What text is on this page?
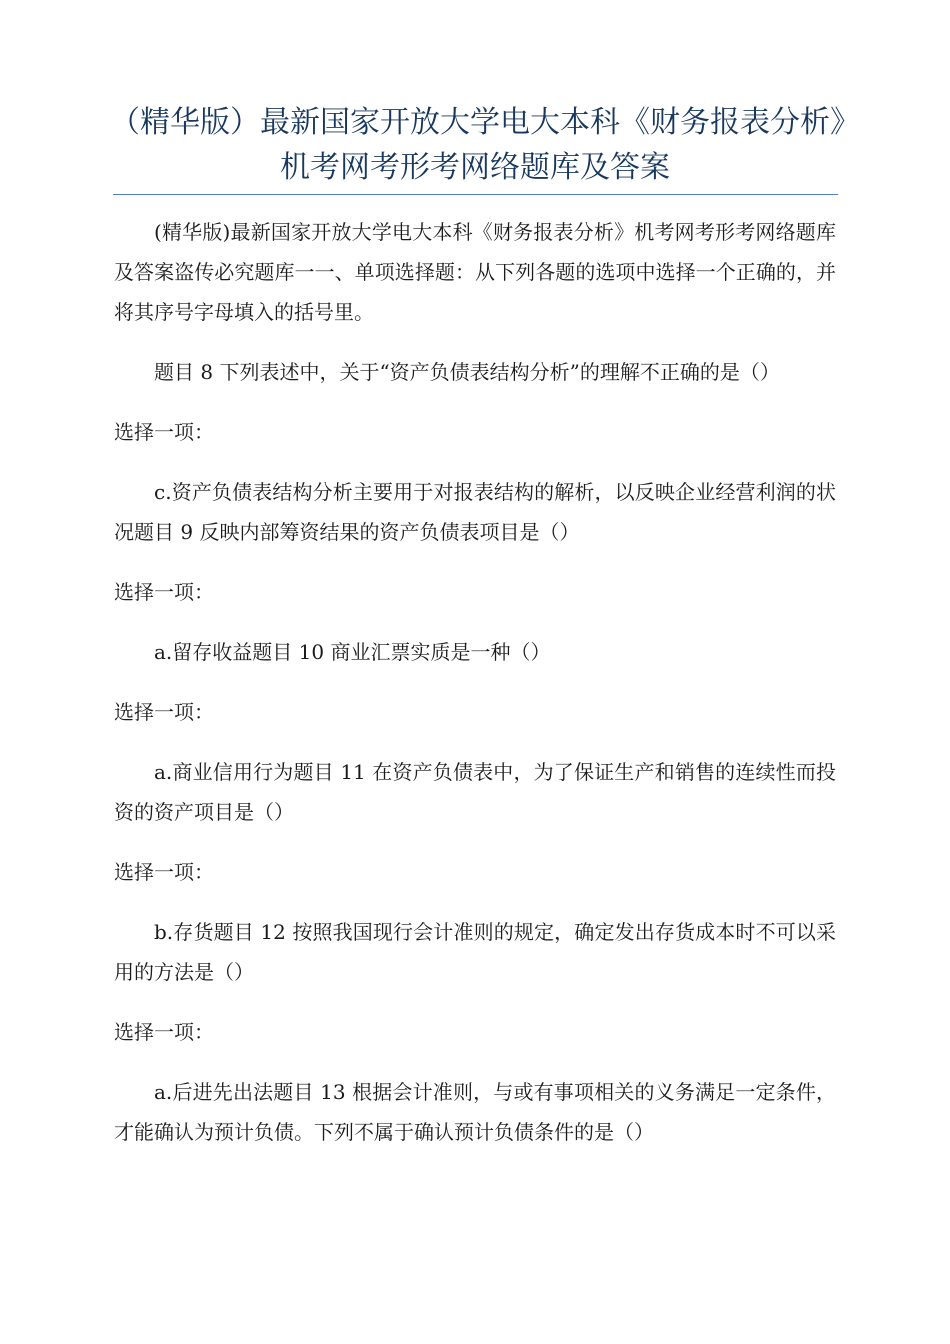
（精华版）最新国家开放大学电大本科《财务报表分析》
机考网考形考网络题库及答案

(精华版)最新国家开放大学电大本科《财务报表分析》机考网考形考网络题库及答案盗传必究题库一一、单项选择题：从下列各题的选项中选择一个正确的，并将其序号字母填入的括号里。

题目 8 下列表述中，关于“资产负债表结构分析”的理解不正确的是（）

选择一项：

c.资产负债表结构分析主要用于对报表结构的解析，以反映企业经营利润的状况题目 9 反映内部筹资结果的资产负债表项目是（）

选择一项：

a.留存收益题目 10 商业汇票实质是一种（）

选择一项：

a.商业信用行为题目 11 在资产负债表中，为了保证生产和销售的连续性而投资的资产项目是（）

选择一项：

b.存货题目 12 按照我国现行会计准则的规定，确定发出存货成本时不可以采用的方法是（）

选择一项：

a.后进先出法题目 13 根据会计准则，与或有事项相关的义务满足一定条件，才能确认为预计负债。下列不属于确认预计负债条件的是（）
